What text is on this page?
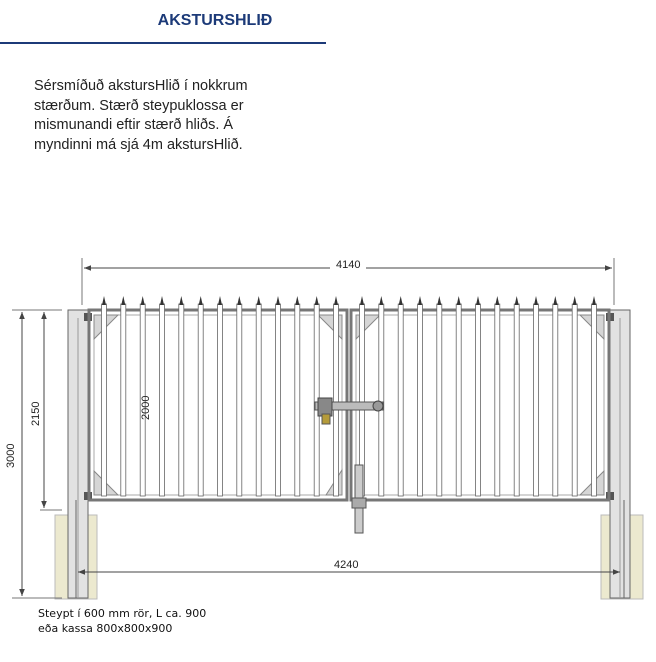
AKSTURSHLIÐ
Sérsmíðuð akstursHlið í nokkrum
stærðum. Stærð steypuklossa er
mismunandi eftir stærð hliðs. Á
myndinni má sjá 4m akstursHlið.
3000
2150	2000
4140
4240
Steypt í 600 mm rör, L ca. 900
eða kassa 800x800x900
